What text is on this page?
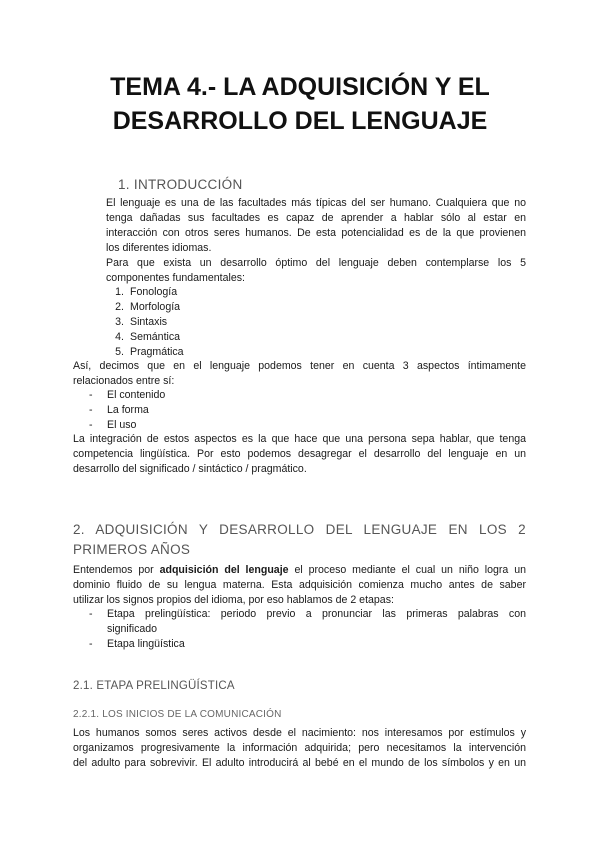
TEMA 4.- LA ADQUISICIÓN Y EL
DESARROLLO DEL LENGUAJE
1. INTRODUCCIÓN
El lenguaje es una de las facultades más típicas del ser humano. Cualquiera que no
tenga dañadas sus facultades es capaz de aprender a hablar sólo al estar en
interacción con otros seres humanos. De esta potencialidad es de la que provienen
los diferentes idiomas.
Para que exista un desarrollo óptimo del lenguaje deben contemplarse los 5
componentes fundamentales:
1. Fonología
2. Morfología
3. Sintaxis
4. Semántica
5. Pragmática
Así, decimos que en el lenguaje podemos tener en cuenta 3 aspectos íntimamente
relacionados entre sí:
-	El contenido
-	La forma
-	El uso
La integración de estos aspectos es la que hace que una persona sepa hablar, que tenga
competencia lingüística. Por esto podemos desagregar el desarrollo del lenguaje en un
desarrollo del significado / sintáctico / pragmático.
2. ADQUISICIÓN Y DESARROLLO DEL LENGUAJE EN LOS 2
PRIMEROS AÑOS
Entendemos por adquisición del lenguaje el proceso mediante el cual un niño logra un
dominio fluido de su lengua materna. Esta adquisición comienza mucho antes de saber
utilizar los signos propios del idioma, por eso hablamos de 2 etapas:
-	Etapa prelingüística: periodo previo a pronunciar las primeras palabras con
significado
-	Etapa lingüística
2.1. ETAPA PRELINGÜÍSTICA
2.2.1. LOS INICIOS DE LA COMUNICACIÓN
Los humanos somos seres activos desde el nacimiento: nos interesamos por estímulos y
organizamos progresivamente la información adquirida; pero necesitamos la intervención
del adulto para sobrevivir. El adulto introducirá al bebé en el mundo de los símbolos y en un
